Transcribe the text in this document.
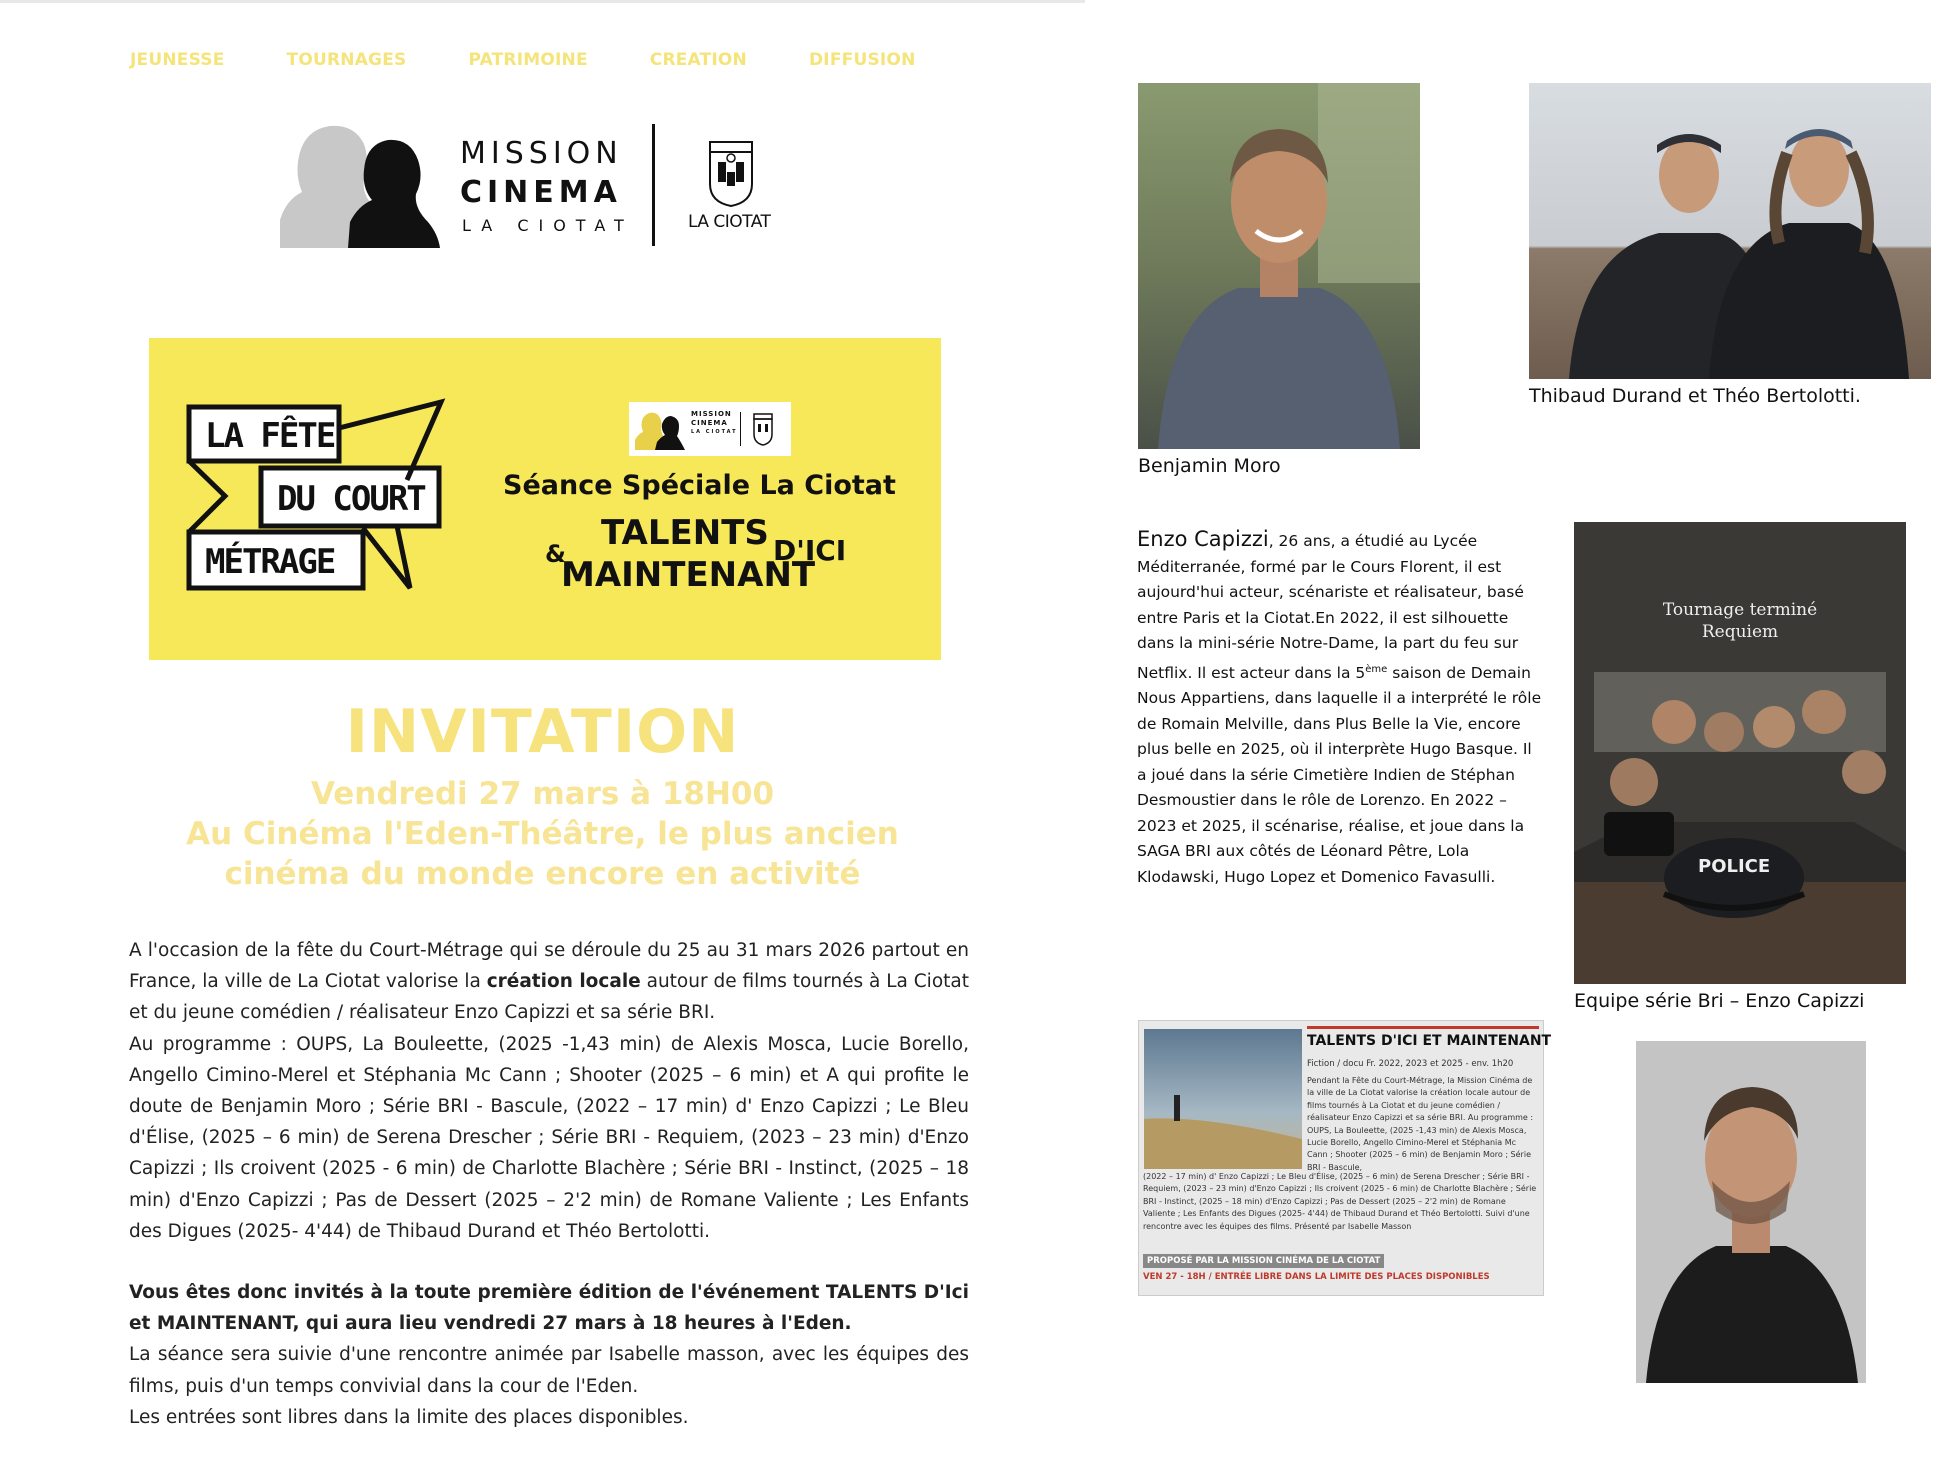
JEUNESSE	TOURNAGES	PATRIMOINE	CREATION	DIFFUSION
MISSION
CINEMA
LA CIOTAT	LA CIOTAT
LA FÊTE
DU COURT
MÉTRAGE
MISSION
CINEMA
LA CIOTAT
Séance Spéciale La Ciotat
TALENTS
&
MAINTENANT
D'ICI
INVITATION
Vendredi 27 mars à 18H00
Au Cinéma l'Eden-Théâtre, le plus ancien
cinéma du monde encore en activité
A l'occasion de la fête du Court-Métrage qui se déroule du 25 au 31 mars 2026 partout en France, la ville de La Ciotat valorise la création locale autour de films tournés à La Ciotat et du jeune comédien / réalisateur Enzo Capizzi et sa série BRI.
Au programme : OUPS, La Bouleette, (2025 -1,43 min) de Alexis Mosca, Lucie Borello, Angello Cimino-Merel et Stéphania Mc Cann ; Shooter (2025 – 6 min) et A qui profite le doute de Benjamin Moro ; Série BRI - Bascule, (2022 – 17 min) d' Enzo Capizzi ; Le Bleu d'Élise, (2025 – 6 min) de Serena Drescher ; Série BRI - Requiem, (2023 – 23 min) d'Enzo Capizzi ; Ils croivent (2025 - 6 min) de Charlotte Blachère ; Série BRI - Instinct, (2025 – 18 min) d'Enzo Capizzi ; Pas de Dessert (2025 – 2'2 min) de Romane Valiente ; Les Enfants des Digues (2025- 4'44) de Thibaud Durand et Théo Bertolotti.
Vous êtes donc invités à la toute première édition de l'événement TALENTS D'Ici et MAINTENANT, qui aura lieu vendredi 27 mars à 18 heures à l'Eden.
La séance sera suivie d'une rencontre animée par Isabelle masson, avec les équipes des films, puis d'un temps convivial dans la cour de l'Eden.
Les entrées sont libres dans la limite des places disponibles.
Benjamin Moro
Thibaud Durand et Théo Bertolotti.
Enzo Capizzi, 26 ans, a étudié au Lycée Méditerranée, formé par le Cours Florent, il est aujourd'hui acteur, scénariste et réalisateur, basé entre Paris et la Ciotat.En 2022, il est silhouette dans la mini-série Notre-Dame, la part du feu sur Netflix. Il est acteur dans la 5ème saison de Demain Nous Appartiens, dans laquelle il a interprété le rôle de Romain Melville, dans Plus Belle la Vie, encore plus belle en 2025, où il interprète Hugo Basque. Il a joué dans la série Cimetière Indien de Stéphan Desmoustier dans le rôle de Lorenzo. En 2022 – 2023 et 2025, il scénarise, réalise, et joue dans la SAGA BRI aux côtés de Léonard Pêtre, Lola Klodawski, Hugo Lopez et Domenico Favasulli.
Tournage terminé
Requiem
POLICE
Equipe série Bri – Enzo Capizzi
TALENTS D'ICI ET MAINTENANT
Fiction / docu Fr. 2022, 2023 et 2025 - env. 1h20
Pendant la Fête du Court-Métrage, la Mission Cinéma de la ville de La Ciotat valorise la création locale autour de films tournés à La Ciotat et du jeune comédien / réalisateur Enzo Capizzi et sa série BRI. Au programme : OUPS, La Bouleette, (2025 -1,43 min) de Alexis Mosca, Lucie Borello, Angello Cimino-Merel et Stéphania Mc Cann ; Shooter (2025 – 6 min) de Benjamin Moro ; Série BRI - Bascule,
(2022 – 17 min) d' Enzo Capizzi ; Le Bleu d'Élise, (2025 – 6 min) de Serena Drescher ; Série BRI - Requiem, (2023 – 23 min) d'Enzo Capizzi ; Ils croivent (2025 - 6 min) de Charlotte Blachère ; Série BRI - Instinct, (2025 – 18 min) d'Enzo Capizzi ; Pas de Dessert (2025 – 2'2 min) de Romane Valiente ; Les Enfants des Digues (2025- 4'44) de Thibaud Durand et Théo Bertolotti. Suivi d'une rencontre avec les équipes des films. Présenté par Isabelle Masson
PROPOSÉ PAR LA MISSION CINÉMA DE LA CIOTAT
VEN 27 - 18H / ENTRÉE LIBRE DANS LA LIMITE DES PLACES DISPONIBLES
